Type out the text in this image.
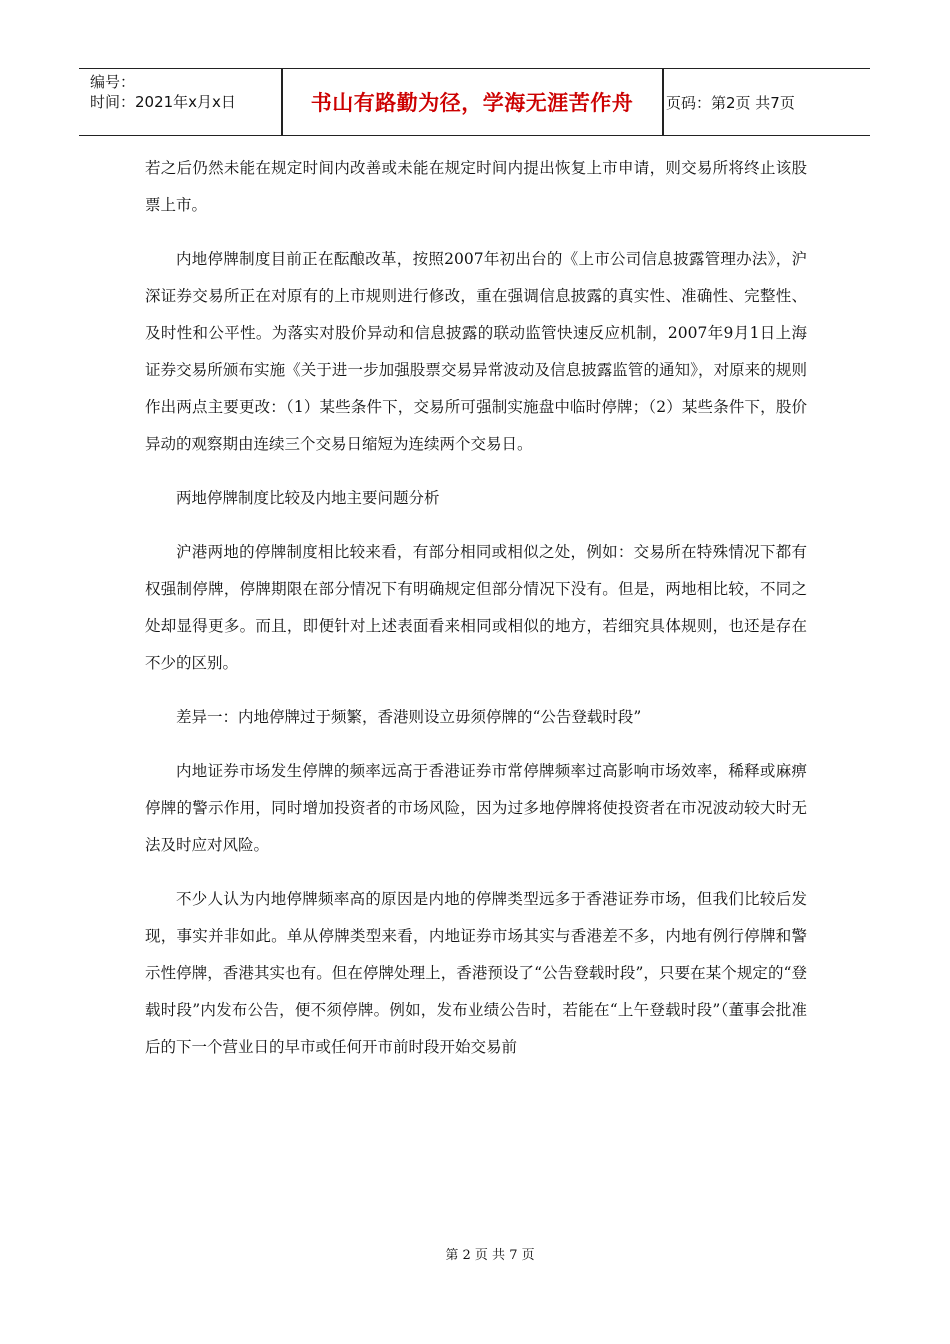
编号：
时间：2021年x月x日	书山有路勤为径，学海无涯苦作舟	页码：第2页 共7页

若之后仍然未能在规定时间内改善或未能在规定时间内提出恢复上市申请，则交易所将终止该股票上市。

内地停牌制度目前正在酝酿改革，按照2007年初出台的《上市公司信息披露管理办法》，沪深证券交易所正在对原有的上市规则进行修改，重在强调信息披露的真实性、准确性、完整性、及时性和公平性。为落实对股价异动和信息披露的联动监管快速反应机制，2007年9月1日上海证券交易所颁布实施《关于进一步加强股票交易异常波动及信息披露监管的通知》，对原来的规则作出两点主要更改：（1）某些条件下，交易所可强制实施盘中临时停牌；（2）某些条件下，股价异动的观察期由连续三个交易日缩短为连续两个交易日。

两地停牌制度比较及内地主要问题分析

沪港两地的停牌制度相比较来看，有部分相同或相似之处，例如：交易所在特殊情况下都有权强制停牌，停牌期限在部分情况下有明确规定但部分情况下没有。但是，两地相比较，不同之处却显得更多。而且，即便针对上述表面看来相同或相似的地方，若细究具体规则，也还是存在不少的区别。

差异一：内地停牌过于频繁，香港则设立毋须停牌的“公告登载时段”

内地证券市场发生停牌的频率远高于香港证券市常停牌频率过高影响市场效率，稀释或麻痹停牌的警示作用，同时增加投资者的市场风险，因为过多地停牌将使投资者在市况波动较大时无法及时应对风险。

不少人认为内地停牌频率高的原因是内地的停牌类型远多于香港证券市场，但我们比较后发现，事实并非如此。单从停牌类型来看，内地证券市场其实与香港差不多，内地有例行停牌和警示性停牌，香港其实也有。但在停牌处理上，香港预设了“公告登载时段”，只要在某个规定的“登载时段”内发布公告，便不须停牌。例如，发布业绩公告时，若能在“上午登载时段”（董事会批准后的下一个营业日的早市或任何开市前时段开始交易前

第 2 页 共 7 页
